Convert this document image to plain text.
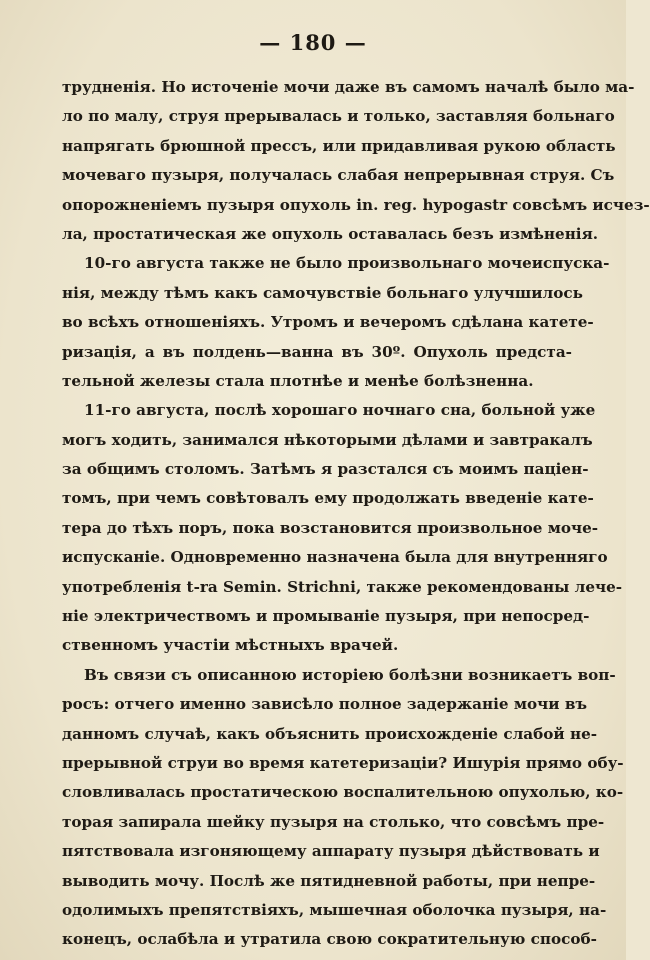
— 180 —
трудненія. Но источеніе мочи даже въ самомъ началѣ было ма-
ло по малу, струя прерывалась и только, заставляя больнаго
напрягать брюшной прессъ, или придавливая рукою область
мочеваго пузыря, получалась слабая непрерывная струя. Съ
опорожненіемъ пузыря опухоль in. reg. hypogastr совсѣмъ исчез-
ла, простатическая же опухоль оставалась безъ измѣненія.
10-го августа также не было произвольнаго мочеиспуска-
нія, между тѣмъ какъ самочувствіе больнаго улучшилось
во всѣхъ отношеніяхъ. Утромъ и вечеромъ сдѣлана катете-
ризація, а въ полдень—ванна въ 30º. Опухоль предста-
тельной железы стала плотнѣе и менѣе болѣзненна.
11-го августа, послѣ хорошаго ночнаго сна, больной уже
могъ ходить, занимался нѣкоторыми дѣлами и завтракалъ
за общимъ столомъ. Затѣмъ я разстался съ моимъ паціен-
томъ, при чемъ совѣтовалъ ему продолжать введеніе кате-
тера до тѣхъ поръ, пока возстановится произвольное моче-
испусканіе. Одновременно назначена была для внутренняго
употребленія t-ra Semin. Strichni, также рекомендованы лече-
ніе электричествомъ и промываніе пузыря, при непосред-
ственномъ участіи мѣстныхъ врачей.
Въ связи съ описанною исторіею болѣзни возникаетъ воп-
росъ: отчего именно зависѣло полное задержаніе мочи въ
данномъ случаѣ, какъ объяснить происхожденіе слабой не-
прерывной струи во время катетеризаціи? Ишурія прямо обу-
словливалась простатическою воспалительною опухолью, ко-
торая запирала шейку пузыря на столько, что совсѣмъ пре-
пятствовала изгоняющему аппарату пузыря дѣйствовать и
выводить мочу. Послѣ же пятидневной работы, при непре-
одолимыхъ препятствіяхъ, мышечная оболочка пузыря, на-
конецъ, ослабѣла и утратила свою сократительную способ-
